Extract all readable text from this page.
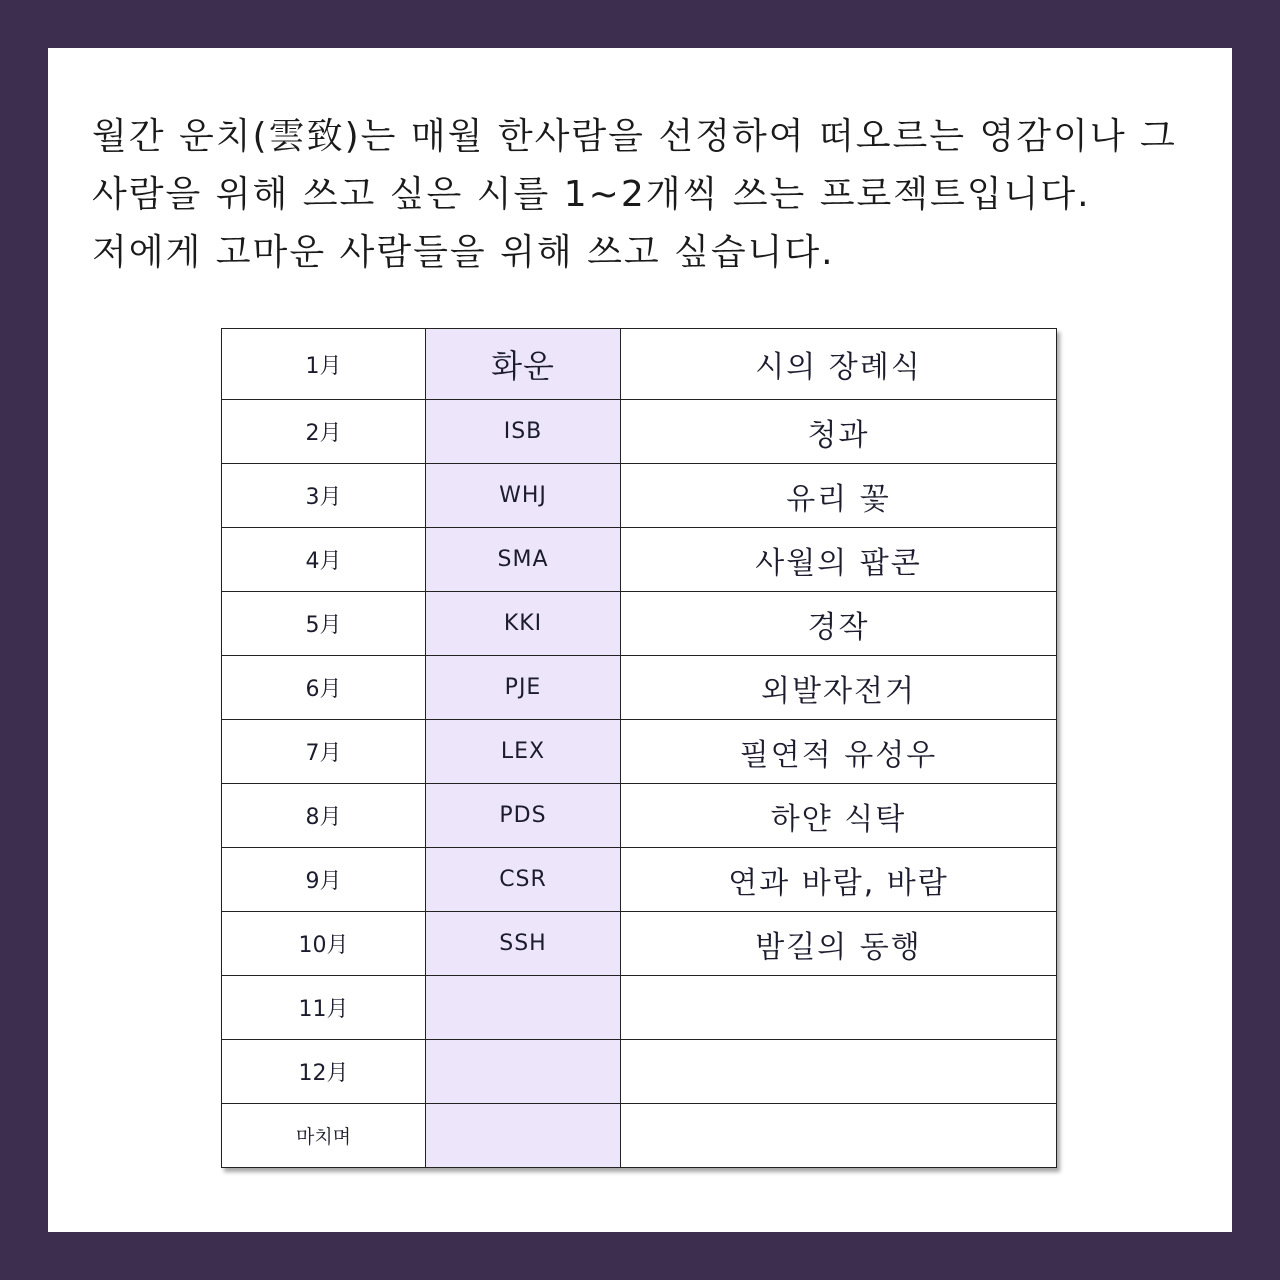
월간 운치(雲致)는 매월 한사람을 선정하여 떠오르는 영감이나 그
사람을 위해 쓰고 싶은 시를 1~2개씩 쓰는 프로젝트입니다.
저에게 고마운 사람들을 위해 쓰고 싶습니다.
1月	화운	시의 장례식
2月	ISB	청과
3月	WHJ	유리 꽃
4月	SMA	사월의 팝콘
5月	KKI	경작
6月	PJE	외발자전거
7月	LEX	필연적 유성우
8月	PDS	하얀 식탁
9月	CSR	연과 바람, 바람
10月	SSH	밤길의 동행
11月		
12月		
마치며		
